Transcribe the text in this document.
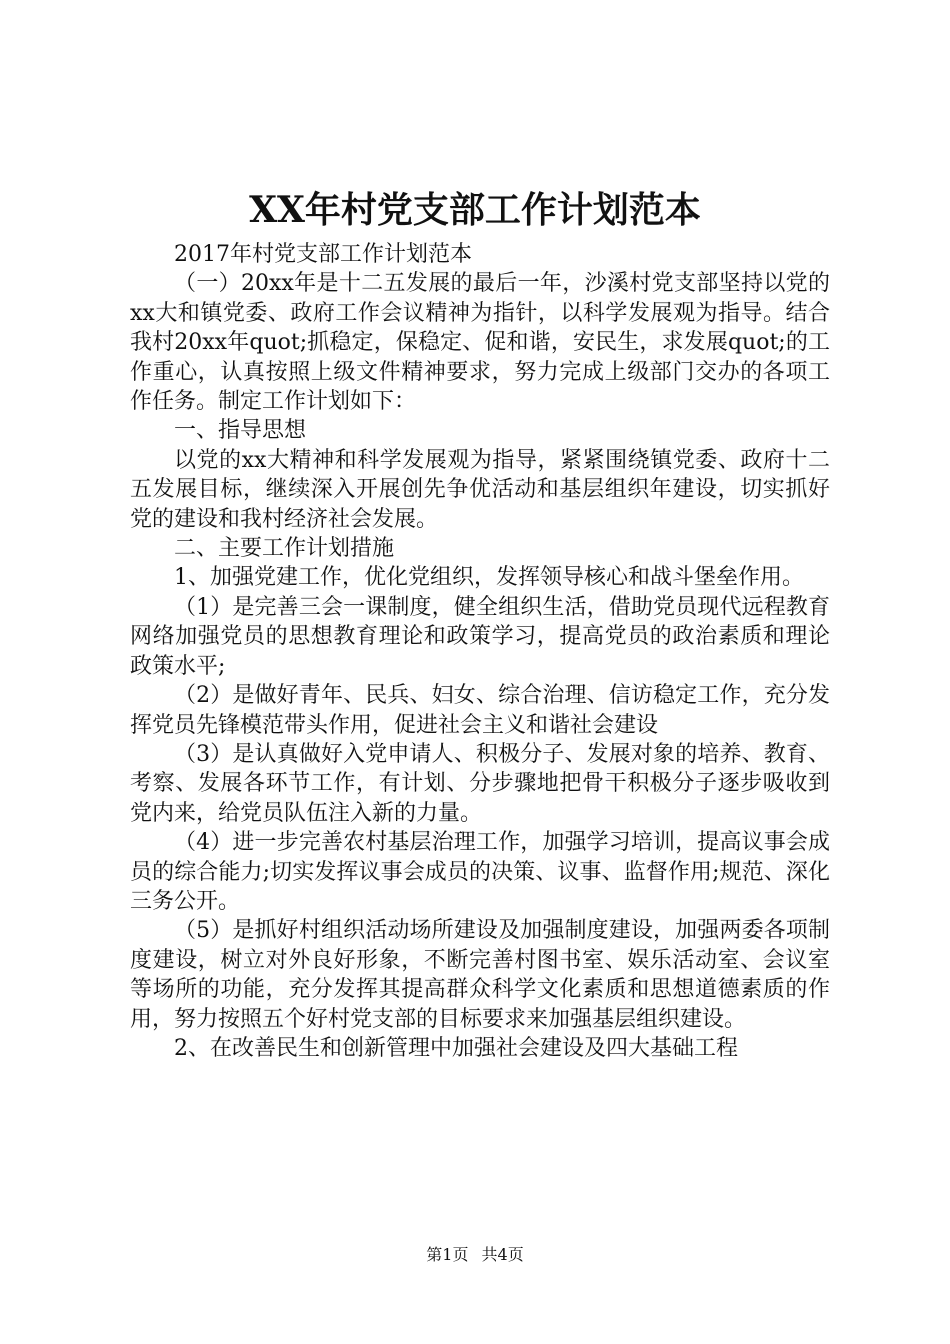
XX年村党支部工作计划范本

2017年村党支部工作计划范本

（一）20xx年是十二五发展的最后一年，沙溪村党支部坚持以党的xx大和镇党委、政府工作会议精神为指针，以科学发展观为指导。结合我村20xx年quot;抓稳定，保稳定、促和谐，安民生，求发展quot;的工作重心，认真按照上级文件精神要求，努力完成上级部门交办的各项工作任务。制定工作计划如下：

一、指导思想

以党的xx大精神和科学发展观为指导，紧紧围绕镇党委、政府十二五发展目标，继续深入开展创先争优活动和基层组织年建设，切实抓好党的建设和我村经济社会发展。

二、主要工作计划措施

1、加强党建工作，优化党组织，发挥领导核心和战斗堡垒作用。

（1）是完善三会一课制度，健全组织生活，借助党员现代远程教育网络加强党员的思想教育理论和政策学习，提高党员的政治素质和理论政策水平;

（2）是做好青年、民兵、妇女、综合治理、信访稳定工作，充分发挥党员先锋模范带头作用，促进社会主义和谐社会建设

（3）是认真做好入党申请人、积极分子、发展对象的培养、教育、考察、发展各环节工作，有计划、分步骤地把骨干积极分子逐步吸收到党内来，给党员队伍注入新的力量。

（4）进一步完善农村基层治理工作，加强学习培训，提高议事会成员的综合能力;切实发挥议事会成员的决策、议事、监督作用;规范、深化三务公开。

（5）是抓好村组织活动场所建设及加强制度建设，加强两委各项制度建设，树立对外良好形象，不断完善村图书室、娱乐活动室、会议室等场所的功能，充分发挥其提高群众科学文化素质和思想道德素质的作用，努力按照五个好村党支部的目标要求来加强基层组织建设。

2、在改善民生和创新管理中加强社会建设及四大基础工程

第1页 共4页
